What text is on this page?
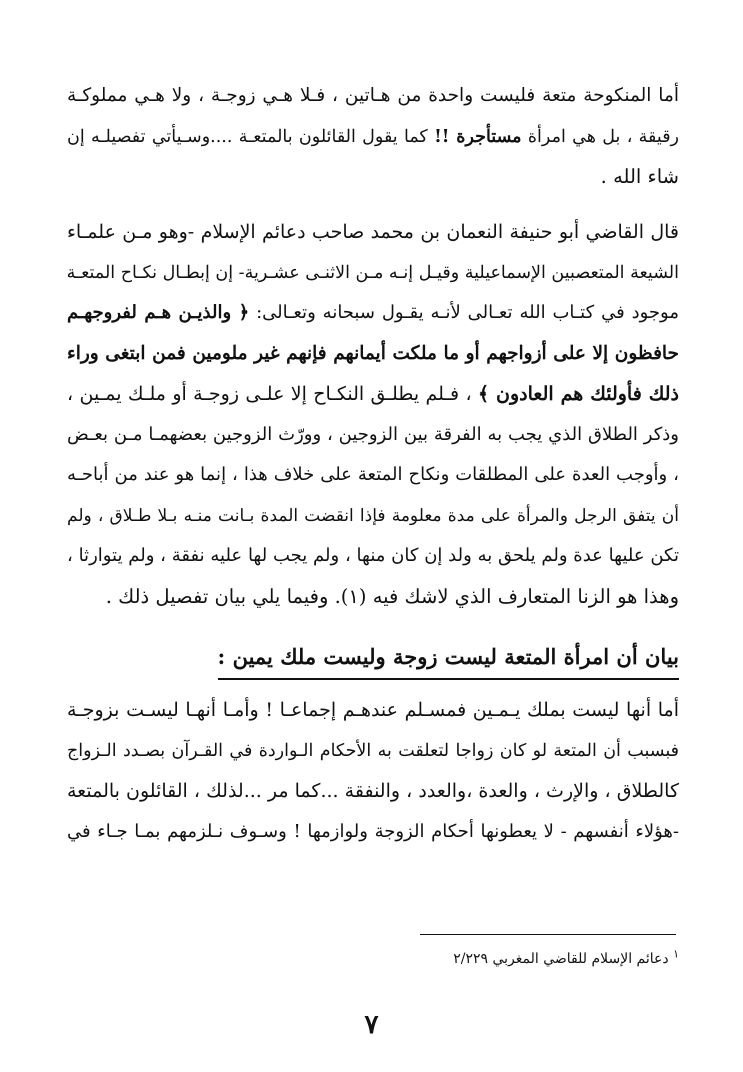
أما المنكوحة متعة فليست واحدة من هـاتين ، فـلا هـي زوجـة ، ولا هـي مملوكـة
رقيقة ، بل هي امرأة مستأجرة !! كما يقول القائلون بالمتعـة ....وسـيأتي تفصيلـه إن
شاء الله .

قال القاضي أبو حنيفة النعمان بن محمد صاحب دعائم الإسلام -وهو مـن علمـاء
الشيعة المتعصبين الإسماعيلية وقيـل إنـه مـن الاثنـى عشـرية- إن إبطـال نكـاح المتعـة
موجود في كتـاب الله تعـالى لأنـه يقـول سبحانه وتعـالى: ﴿ والذيـن هـم لفروجهـم
حافظون إلا على أزواجهم أو ما ملكت أيمانهم فإنهم غير ملومين فمن ابتغى وراء
ذلك فأولئك هم العادون ﴾ ، فـلم يطلـق النكـاح إلا علـى زوجـة أو ملـك يمـين ،
وذكر الطلاق الذي يجب به الفرقة بين الزوجين ، وورّث الزوجين بعضهمـا مـن بعـض
، وأوجب العدة على المطلقات ونكاح المتعة على خلاف هذا ، إنما هو عند من أباحـه
أن يتفق الرجل والمرأة على مدة معلومة فإذا انقضت المدة بـانت منـه بـلا طـلاق ، ولم
تكن عليها عدة ولم يلحق به ولد إن كان منها ، ولم يجب لها عليه نفقة ، ولم يتوارثا ،
وهذا هو الزنا المتعارف الذي لاشك فيه (١). وفيما يلي بيان تفصيل ذلك .

بيان أن امرأة المتعة ليست زوجة وليست ملك يمين :

أما أنها ليست بملك يـمـين فمسـلم عندهـم إجماعـا ! وأمـا أنهـا ليسـت بزوجـة
فبسبب أن المتعة لو كان زواجا لتعلقت به الأحكام الـواردة في القـرآن بصـدد الـزواج
كالطلاق ، والإرث ، والعدة ،والعدد ، والنفقة ...كما مر ...لذلك ، القائلون بالمتعة
-هؤلاء أنفسهم - لا يعطونها أحكام الزوجة ولوازمها ! وسـوف نـلزمهم بمـا جـاء في

$^١$ دعائم الإسلام للقاضي المغربي ٢/٢٢٩
٧
